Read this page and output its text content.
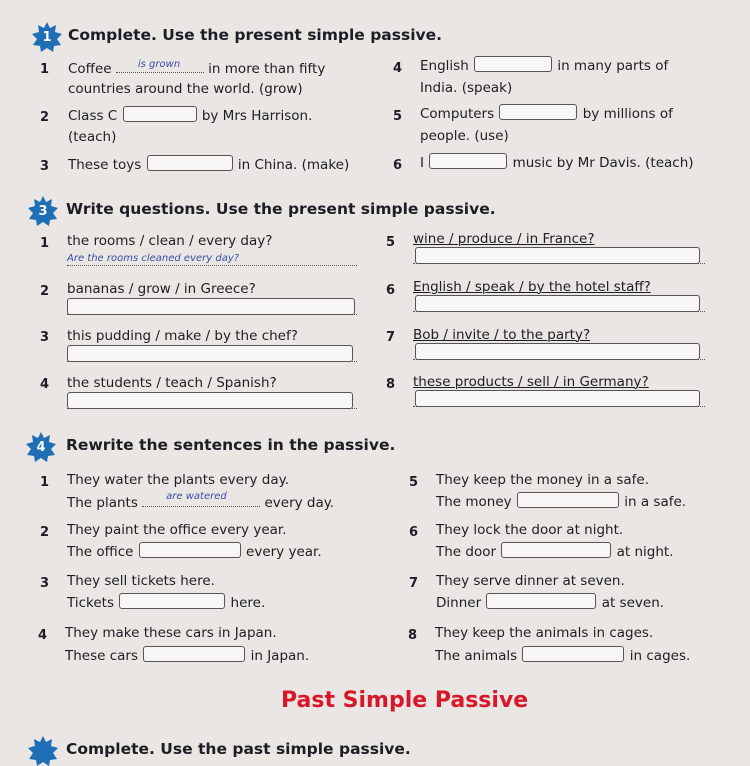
1 Complete. Use the present simple passive.
1 Coffee is grown in more than fifty
countries around the world. (grow)
2 Class C	by Mrs Harrison.
(teach)
3 These toys	in China. (make)
4 English	in many parts of
India. (speak)
5 Computers	by millions of
people. (use)
6 I	music by Mr Davis. (teach)
3 Write questions. Use the present simple passive.
1 the rooms / clean / every day?
Are the rooms cleaned every day?
2 bananas / grow / in Greece?
3 this pudding / make / by the chef?
4 the students / teach / Spanish?
5 wine / produce / in France?
6 English / speak / by the hotel staff?
7 Bob / invite / to the party?
8 these products / sell / in Germany?
4 Rewrite the sentences in the passive.
1 They water the plants every day.
The plants are watered every day.
2 They paint the office every year.
The office	every year.
3 They sell tickets here.
Tickets	here.
4 They make these cars in Japan.
These cars	in Japan.
5 They keep the money in a safe.
The money	in a safe.
6 They lock the door at night.
The door	at night.
7 They serve dinner at seven.
Dinner	at seven.
8 They keep the animals in cages.
The animals	in cages.
Past Simple Passive
Complete. Use the past simple passive.
